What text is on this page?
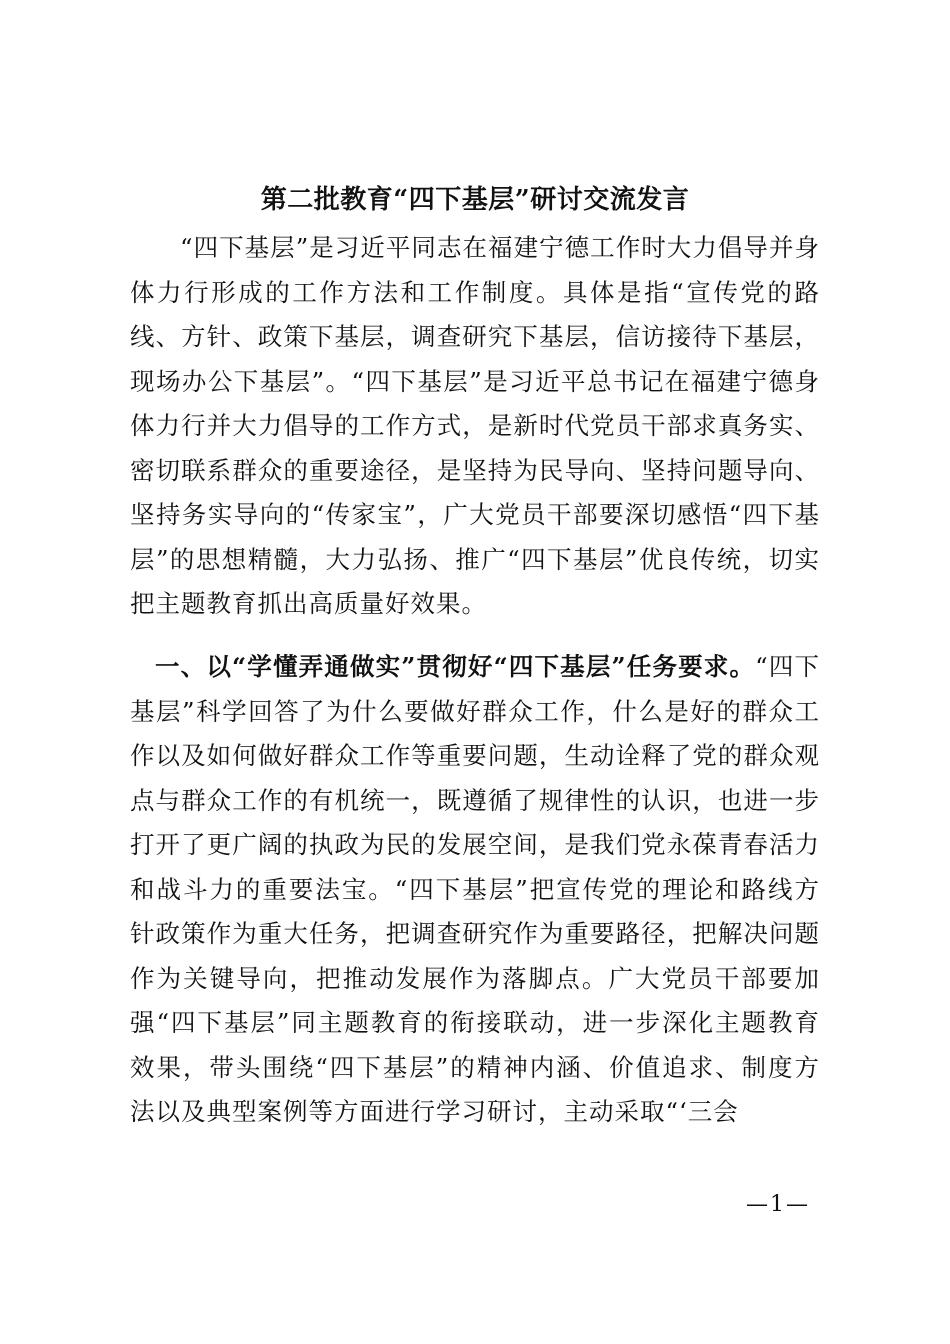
第二批教育“四下基层”研讨交流发言

“四下基层”是习近平同志在福建宁德工作时大力倡导并身体力行形成的工作方法和工作制度。具体是指“宣传党的路线、方针、政策下基层，调查研究下基层，信访接待下基层，现场办公下基层”。“四下基层”是习近平总书记在福建宁德身体力行并大力倡导的工作方式，是新时代党员干部求真务实、密切联系群众的重要途径，是坚持为民导向、坚持问题导向、坚持务实导向的“传家宝”，广大党员干部要深切感悟“四下基层”的思想精髓，大力弘扬、推广“四下基层”优良传统，切实把主题教育抓出高质量好效果。

一、以“学懂弄通做实”贯彻好“四下基层”任务要求。“四下基层”科学回答了为什么要做好群众工作，什么是好的群众工作以及如何做好群众工作等重要问题，生动诠释了党的群众观点与群众工作的有机统一，既遵循了规律性的认识，也进一步打开了更广阔的执政为民的发展空间，是我们党永葆青春活力和战斗力的重要法宝。“四下基层”把宣传党的理论和路线方针政策作为重大任务，把调查研究作为重要路径，把解决问题作为关键导向，把推动发展作为落脚点。广大党员干部要加强“四下基层”同主题教育的衔接联动，进一步深化主题教育效果，带头围绕“四下基层”的精神内涵、价值追求、制度方法以及典型案例等方面进行学习研讨，主动采取“‘三会

—1—
